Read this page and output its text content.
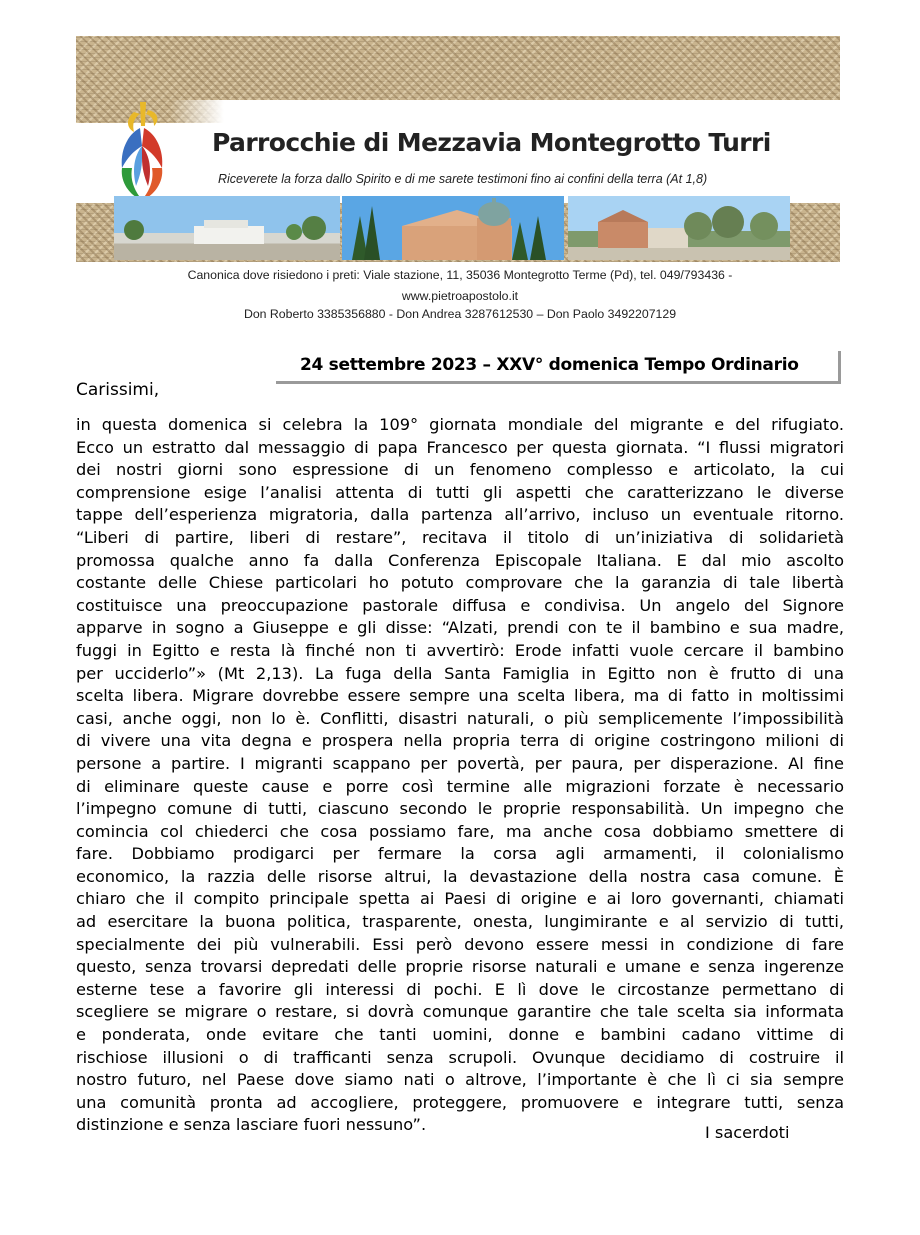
Parrocchie di Mezzavia Montegrotto Turri
Riceverete la forza dallo Spirito e di me sarete testimoni fino ai confini della terra (At 1,8)
Canonica dove risiedono i preti: Viale stazione, 11, 35036 Montegrotto Terme (Pd), tel. 049/793436 -
www.pietroapostolo.it
Don Roberto 3385356880 - Don Andrea 3287612530 – Don Paolo 3492207129
24 settembre 2023 – XXV° domenica Tempo Ordinario
Carissimi,
in questa domenica si celebra la 109° giornata mondiale del migrante e del rifugiato.
Ecco un estratto dal messaggio di papa Francesco per questa giornata. “I flussi migratori
dei nostri giorni sono espressione di un fenomeno complesso e articolato, la cui
comprensione esige l’analisi attenta di tutti gli aspetti che caratterizzano le diverse
tappe dell’esperienza migratoria, dalla partenza all’arrivo, incluso un eventuale ritorno.
“Liberi di partire, liberi di restare”, recitava il titolo di un’iniziativa di solidarietà
promossa qualche anno fa dalla Conferenza Episcopale Italiana. E dal mio ascolto
costante delle Chiese particolari ho potuto comprovare che la garanzia di tale libertà
costituisce una preoccupazione pastorale diffusa e condivisa. Un angelo del Signore
apparve in sogno a Giuseppe e gli disse: “Alzati, prendi con te il bambino e sua madre,
fuggi in Egitto e resta là finché non ti avvertirò: Erode infatti vuole cercare il bambino
per ucciderlo”» (Mt 2,13). La fuga della Santa Famiglia in Egitto non è frutto di una
scelta libera. Migrare dovrebbe essere sempre una scelta libera, ma di fatto in moltissimi
casi, anche oggi, non lo è. Conflitti, disastri naturali, o più semplicemente l’impossibilità
di vivere una vita degna e prospera nella propria terra di origine costringono milioni di
persone a partire. I migranti scappano per povertà, per paura, per disperazione. Al fine
di eliminare queste cause e porre così termine alle migrazioni forzate è necessario
l’impegno comune di tutti, ciascuno secondo le proprie responsabilità. Un impegno che
comincia col chiederci che cosa possiamo fare, ma anche cosa dobbiamo smettere di
fare. Dobbiamo prodigarci per fermare la corsa agli armamenti, il colonialismo
economico, la razzia delle risorse altrui, la devastazione della nostra casa comune. È
chiaro che il compito principale spetta ai Paesi di origine e ai loro governanti, chiamati
ad esercitare la buona politica, trasparente, onesta, lungimirante e al servizio di tutti,
specialmente dei più vulnerabili. Essi però devono essere messi in condizione di fare
questo, senza trovarsi depredati delle proprie risorse naturali e umane e senza ingerenze
esterne tese a favorire gli interessi di pochi. E lì dove le circostanze permettano di
scegliere se migrare o restare, si dovrà comunque garantire che tale scelta sia informata
e ponderata, onde evitare che tanti uomini, donne e bambini cadano vittime di
rischiose illusioni o di trafficanti senza scrupoli. Ovunque decidiamo di costruire il
nostro futuro, nel Paese dove siamo nati o altrove, l’importante è che lì ci sia sempre
una comunità pronta ad accogliere, proteggere, promuovere e integrare tutti, senza
distinzione e senza lasciare fuori nessuno”.	I sacerdoti
